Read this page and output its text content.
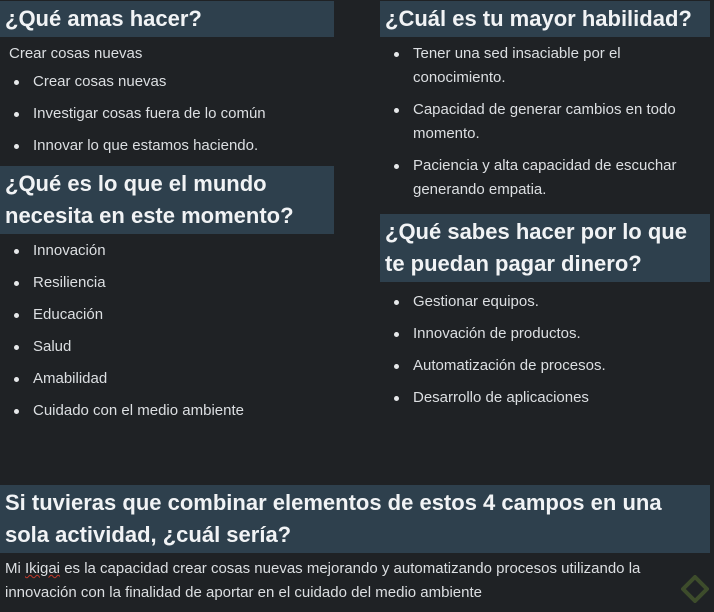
¿Qué amas hacer?
Crear cosas nuevas
Crear cosas nuevas
Investigar cosas fuera de lo común
Innovar lo que estamos haciendo.
¿Qué es lo que el mundo necesita en este momento?
Innovación
Resiliencia
Educación
Salud
Amabilidad
Cuidado con el medio ambiente
¿Cuál es tu mayor habilidad?
Tener una sed insaciable por el conocimiento.
Capacidad de generar cambios en todo momento.
Paciencia y alta capacidad de escuchar generando empatia.
¿Qué sabes hacer por lo que te puedan pagar dinero?
Gestionar equipos.
Innovación de productos.
Automatización de procesos.
Desarrollo de aplicaciones
Si tuvieras que combinar elementos de estos 4 campos en una sola actividad, ¿cuál sería?
Mi Ikigai es la capacidad crear cosas nuevas mejorando y automatizando procesos utilizando la innovación con la finalidad de aportar en el cuidado del medio ambiente
